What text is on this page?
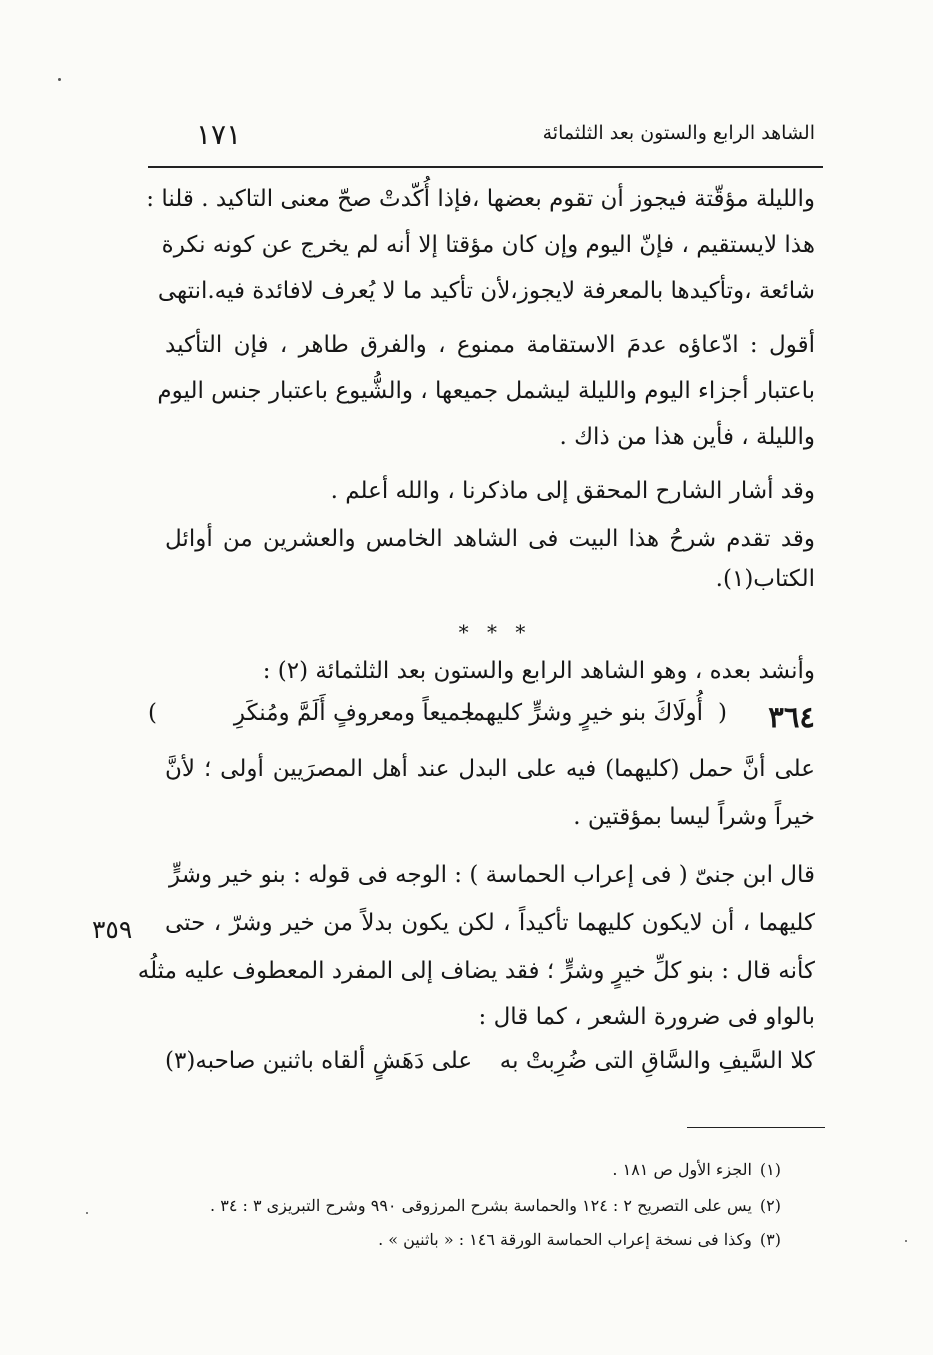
١٧١	الشاهد الرابع والستون بعد الثلثمائة
والليلة مؤقّتة فيجوز أن تقوم بعضها ،فإذا أُكّدتْ صحّ معنى التاكيد . قلنا :
هذا لايستقيم ، فإنّ اليوم وإن كان مؤقتا إلا أنه لم يخرج عن كونه نكرة
شائعة ،وتأكيدها بالمعرفة لايجوز،لأن تأكيد ما لا يُعرف لافائدة فيه.انتهى
أقول : ادّعاؤه عدمَ الاستقامة ممنوع ، والفرق طاهر ، فإن التأكيد
باعتبار أجزاء اليوم والليلة ليشمل جميعها ، والشُّيوع باعتبار جنس اليوم
والليلة ، فأين هذا من ذاك .
وقد أشار الشارح المحقق إلى ماذكرنا ، والله أعلم .
وقد تقدم شرحُ هذا البيت فى الشاهد الخامس والعشرين من أوائل
الكتاب(١).
* * *
وأنشد بعده ، وهو الشاهد الرابع والستون بعد الثلثمائة (٢) :
٣٦٤
(
أُولَاكَ بنو خيرٍ وشرٍّ كليهما
جميعاً ومعروفٍ أَلَمَّ ومُنكَرِ
)
على أنَّ حمل (كليهما) فيه على البدل عند أهل المصرَيين أولى ؛ لأنَّ
خيراً وشراً ليسا بمؤقتين .
قال ابن جنىّ ( فى إعراب الحماسة ) : الوجه فى قوله : بنو خير وشرٍّ
كليهما ، أن لايكون كليهما تأكيداً ، لكن يكون بدلاً من خير وشرّ ، حتى
كأنه قال : بنو كلِّ خيرٍ وشرٍّ ؛ فقد يضاف إلى المفرد المعطوف عليه مثلُه
بالواو فى ضرورة الشعر ، كما قال :
٣٥٩
كلا السَّيفِ والسَّاقِ التى ضُرِبتْ به
على دَهَشٍ ألقاه باثنين صاحبه(٣)
(١)الجزء الأول ص ١٨١ .
(٢)يس على التصريح ٢ : ١٢٤ والحماسة بشرح المرزوقى ٩٩٠ وشرح التبريزى ٣ : ٣٤ .
(٣)وكذا فى نسخة إعراب الحماسة الورقة ١٤٦ : « باثنين » .
